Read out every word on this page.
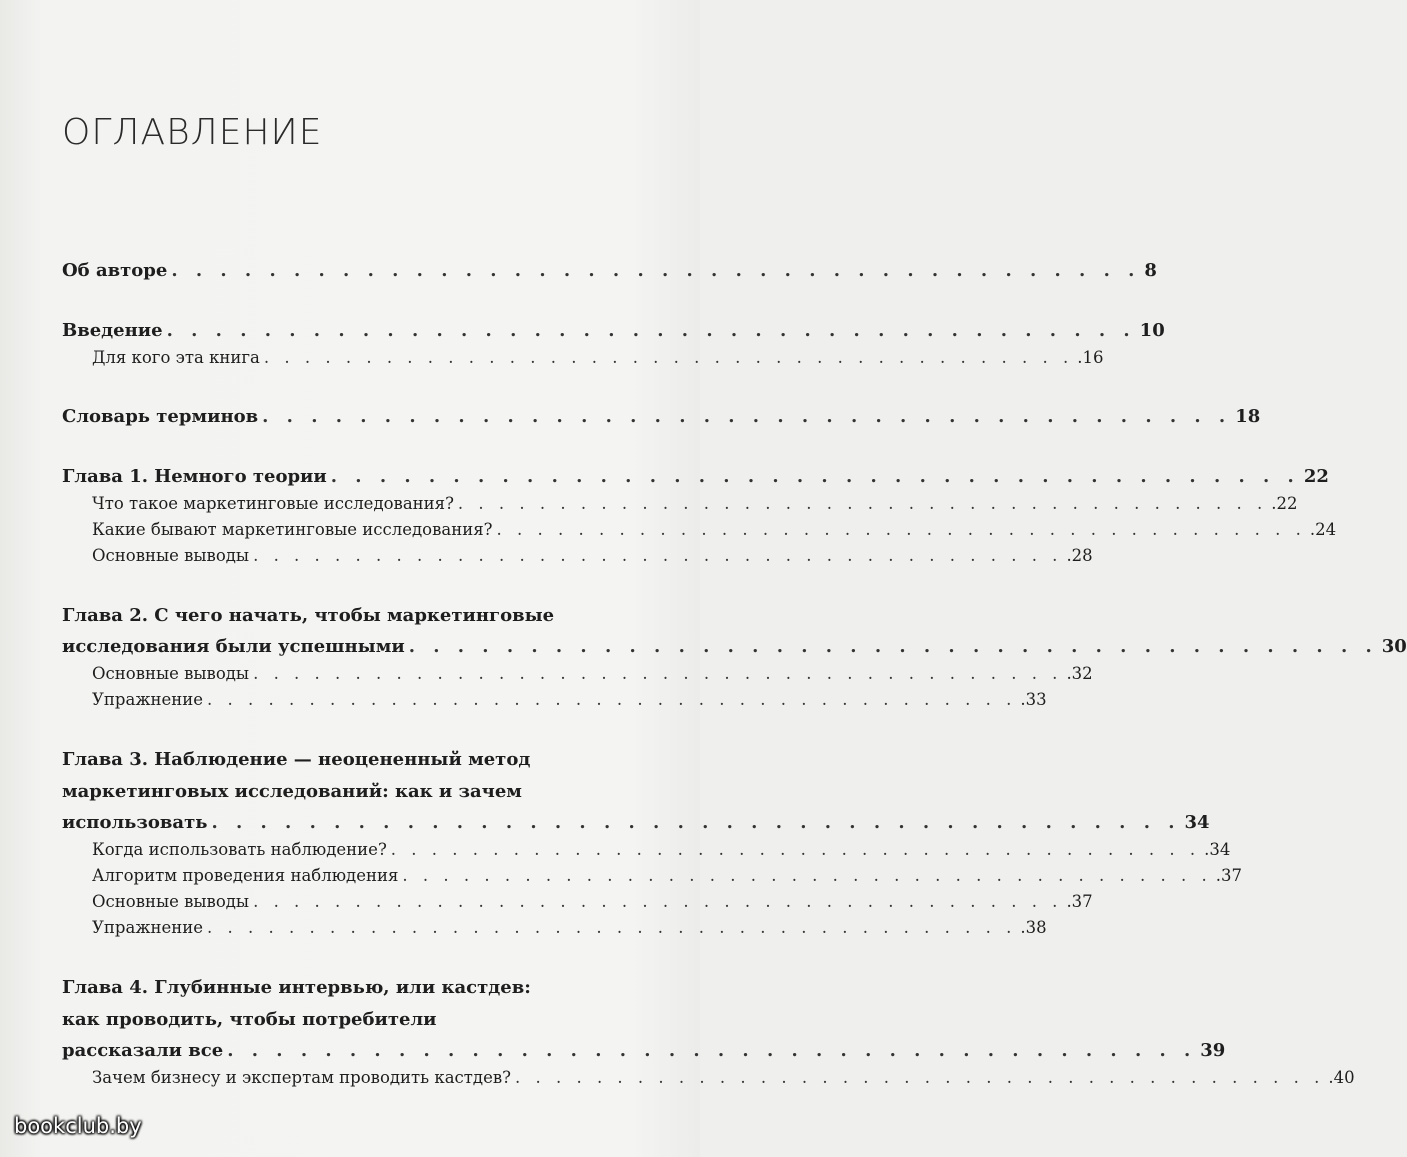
ОГЛАВЛЕНИЕ
Об авторе . . . . . . . . . . . . . . . . . . . . . . . . . . . . . . . . . . . . . . . . 8
Введение . . . . . . . . . . . . . . . . . . . . . . . . . . . . . . . . . . . . . . . . 10
Для кого эта книга . . . . . . . . . . . . . . . . . . . . . . . . . . . . . . . . . . . . . . . . .16
Словарь терминов . . . . . . . . . . . . . . . . . . . . . . . . . . . . . . . . . . . . . . . . 18
Глава 1. Немного теории . . . . . . . . . . . . . . . . . . . . . . . . . . . . . . . . . . . . . . . . 22
Что такое маркетинговые исследования? . . . . . . . . . . . . . . . . . . . . . . . . . . . . . . . . . . . . . . . . .22
Какие бывают маркетинговые исследования? . . . . . . . . . . . . . . . . . . . . . . . . . . . . . . . . . . . . . . . . .24
Основные выводы . . . . . . . . . . . . . . . . . . . . . . . . . . . . . . . . . . . . . . . . .28
Глава 2. С чего начать, чтобы маркетинговые
исследования были успешными . . . . . . . . . . . . . . . . . . . . . . . . . . . . . . . . . . . . . . . . 30
Основные выводы . . . . . . . . . . . . . . . . . . . . . . . . . . . . . . . . . . . . . . . . .32
Упражнение . . . . . . . . . . . . . . . . . . . . . . . . . . . . . . . . . . . . . . . . .33
Глава 3. Наблюдение — неоцененный метод
маркетинговых исследований: как и зачем
использовать . . . . . . . . . . . . . . . . . . . . . . . . . . . . . . . . . . . . . . . . 34
Когда использовать наблюдение? . . . . . . . . . . . . . . . . . . . . . . . . . . . . . . . . . . . . . . . . .34
Алгоритм проведения наблюдения . . . . . . . . . . . . . . . . . . . . . . . . . . . . . . . . . . . . . . . . .37
Основные выводы . . . . . . . . . . . . . . . . . . . . . . . . . . . . . . . . . . . . . . . . .37
Упражнение . . . . . . . . . . . . . . . . . . . . . . . . . . . . . . . . . . . . . . . . .38
Глава 4. Глубинные интервью, или кастдев:
как проводить, чтобы потребители
рассказали все . . . . . . . . . . . . . . . . . . . . . . . . . . . . . . . . . . . . . . . . 39
Зачем бизнесу и экспертам проводить кастдев? . . . . . . . . . . . . . . . . . . . . . . . . . . . . . . . . . . . . . . . . .40
bookclub.by
